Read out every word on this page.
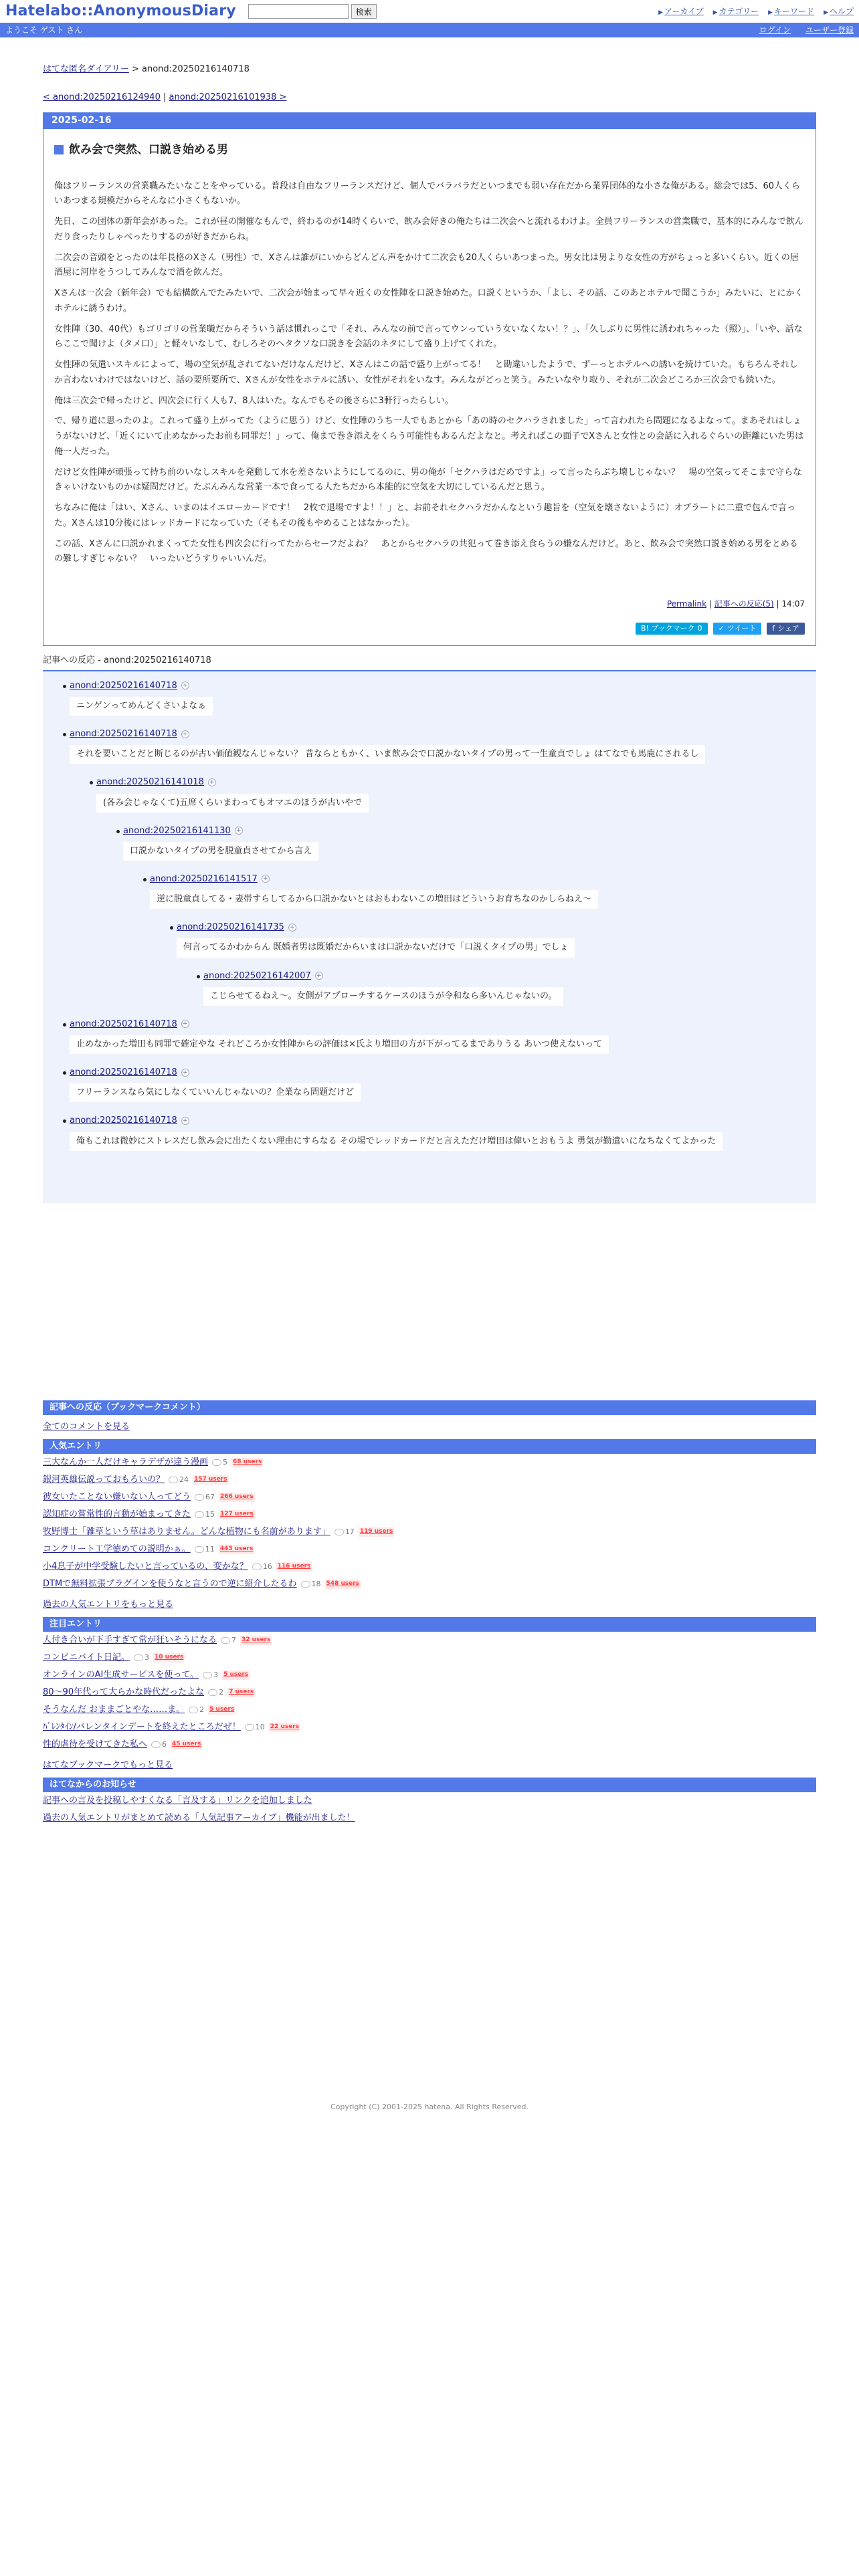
Hatelabo::AnonymousDiary	検索	▶ アーカイブ ▶ カテゴリー ▶ キーワード ▶ ヘルプ
ようこそ ゲスト さん	ログイン ユーザー登録
はてな匿名ダイアリー > anond:20250216140718
< anond:20250216124940 | anond:20250216101938 >
2025-02-16
飲み会で突然、口説き始める男

俺はフリーランスの営業職みたいなことをやっている。普段は自由なフリーランスだけど、個人でバラバラだといつまでも弱い存在だから業界団体的な小さな俺がある。総会では5、60人くらいあつまる規模だからそんなに小さくもないか。

先日、この団体の新年会があった。これが昼の開催なもんで、終わるのが14時くらいで、飲み会好きの俺たちは二次会へと流れるわけよ。全員フリーランスの営業職で、基本的にみんなで飲んだり食ったりしゃべったりするのが好きだからね。

二次会の音頭をとったのは年長格のXさん（男性）で、Xさんは誰がにいからどんどん声をかけて二次会も20人くらいあつまった。男女比は男よりな女性の方がちょっと多いくらい。近くの居酒屋に河岸をうつしてみんなで酒を飲んだ。

Xさんは一次会（新年会）でも結構飲んでたみたいで、二次会が始まって早々近くの女性陣を口説き始めた。口説くというか、「よし、その話、このあとホテルで聞こうか」みたいに、とにかくホテルに誘うわけ。

女性陣（30、40代）もゴリゴリの営業職だからそういう話は慣れっこで「それ、みんなの前で言ってウンっていう女いなくない！？」、「久しぶりに男性に誘われちゃった（照）」、「いや、話ならここで聞けよ（タメ口）」と軽々いなして、むしろそのヘタクソな口説きを会話のネタにして盛り上げてくれた。

女性陣の気遣いスキルによって、場の空気が乱されてないだけなんだけど、Xさんはこの話で盛り上がってる！　と勘違いしたようで、ずーっとホテルへの誘いを続けていた。もちろんそれしか言わないわけではないけど、話の要所要所で、Xさんが女性をホテルに誘い、女性がそれをいなす。みんながどっと笑う。みたいなやり取り、それが二次会どころか三次会でも続いた。

俺は三次会で帰ったけど、四次会に行く人も7、8人はいた。なんでもその後さらに3軒行ったらしい。

で、帰り道に思ったのよ。これって盛り上がってた（ように思う）けど、女性陣のうち一人でもあとから「あの時のセクハラされました」って言われたら問題になるよなって。まあそれはしょうがないけど、「近くにいて止めなかったお前も同罪だ！」って、俺まで巻き添えをくらう可能性もあるんだよなと。考えればこの面子でXさんと女性との会話に入れるぐらいの距離にいた男は俺一人だった。

だけど女性陣が頑張って持ち前のいなしスキルを発動して水を差さないようにしてるのに、男の俺が「セクハラはだめですよ」って言ったらぶち壊しじゃない？　場の空気ってそこまで守らなきゃいけないものかは疑問だけど。たぶんみんな営業一本で食ってる人たちだから本能的に空気を大切にしているんだと思う。

ちなみに俺は「はい、Xさん、いまのはイエローカードです！　2枚で退場ですよ！！」と、お前それセクハラだかんなという趣旨を（空気を壊さないように）オブラートに二重で包んで言った。Xさんは10分後にはレッドカードになっていた（そもその後もやめることはなかった）。

この話、Xさんに口説かれまくってた女性も四次会に行ってたからセーフだよね？　あとからセクハラの共犯って巻き添え食らうの嫌なんだけど。あと、飲み会で突然口説き始める男をとめるの難しすぎじゃない？　いったいどうすりゃいいんだ。

Permalink | 記事への反応(5) | 14:07
B! ブックマーク 0 ✓ ツイート f シェア
記事への反応 - anond:20250216140718
anond:20250216140718 +
ニンゲンってめんどくさいよなぁ
anond:20250216140718 +
それを要いことだと断じるのが古い価値観なんじゃない？ 昔ならともかく、いま飲み会で口説かないタイプの男って一生童貞でしょ はてなでも馬鹿にされるし
anond:20250216141018 +
(各み会じゃなくて)五席くらいまわってもオマエのほうが古いやで
anond:20250216141130 +
口説かないタイプの男を脱童貞させてから言え
anond:20250216141517 +
逆に脱童貞してる・妻帯すらしてるから口説かないとはおもわないこの増田はどういうお育ちなのかしらねえ〜
anond:20250216141735 +
何言ってるかわからん 既婚者男は既婚だからいまは口説かないだけで「口説くタイプの男」でしょ
anond:20250216142007 +
こじらせてるねえ〜。女側がアプローチするケースのほうが令和なら多いんじゃないの。
anond:20250216140718 +
止めなかった増田も同罪で確定やな それどころか女性陣からの評価は×氏より増田の方が下がってるまでありうる あいつ使えないって
anond:20250216140718 +
フリーランスなら気にしなくていいんじゃないの？企業なら問題だけど
anond:20250216140718 +
俺もこれは微妙にストレスだし飲み会に出たくない理由にすらなる その場でレッドカードだと言えただけ増田は偉いとおもうよ 勇気が勤遣いになちなくてよかった
記事への反応（ブックマークコメント）
全てのコメントを見る
人気エントリ
三大なんか一人だけキャラデザが違う漫画 5 68 users
銀河英雄伝説っておもろいの？ 24 157 users
彼女いたことない嫌いない人ってどう 67 266 users
認知症の嘗常性的言動が始まってきた 15 127 users
牧野博士「雑草という草はありません。どんな植物にも名前があります」 17 119 users
コンクリート工学徳めての説明かぁ。 11 443 users
小4息子が中学受験したいと言っているの、変かな？ 16 116 users
DTMで無料拡張プラグインを使うなと言うので逆に紹介したるわ 18 548 users
過去の人気エントリをもっと見る
注目エントリ
人付き合いが下手すぎて常が狂いそうになる 7 32 users
コンビニバイト日記。 3 10 users
オンラインのAI生成サービスを使って。 3 5 users
80〜90年代って大らかな時代だったよな 2 7 users
そうなんだ おままごとやな……ま。 2 5 users
ﾊﾞﾚﾝﾀｲﾝ/バレンタインデートを終えたところだぜ！ 10 22 users
性的虐待を受けてきた私へ 6 45 users
はてなブックマークでもっと見る
はてなからのお知らせ
記事への言及を投稿しやすくなる「言及する」リンクを追加しました
過去の人気エントリがまとめて読める「人気記事アーカイブ」機能が出ました！
Copyright (C) 2001-2025 hatena. All Rights Reserved.
